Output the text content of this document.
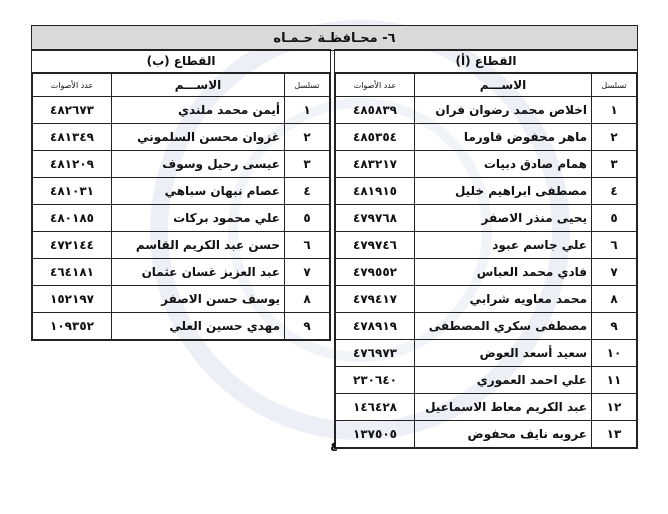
٦- محـافظـة حـمـاه
القطاع (أ)
تسلسل	الاســـم	عدد الأصوات
١	اخلاص محمد رضوان فران	٤٨٥٨٣٩
٢	ماهر محفوض قاورما	٤٨٥٣٥٤
٣	همام صادق دبيات	٤٨٣٢١٧
٤	مصطفى ابراهيم خليل	٤٨١٩١٥
٥	يحيى منذر الاصفر	٤٧٩٧٦٨
٦	علي جاسم عبود	٤٧٩٧٤٦
٧	فادي محمد العباس	٤٧٩٥٥٢
٨	محمد معاويه شرابي	٤٧٩٤١٧
٩	مصطفى سكري المصطفى	٤٧٨٩١٩
١٠	سعيد أسعد العوض	٤٧٦٩٧٣
١١	علي احمد العموري	٢٣٠٦٤٠
١٢	عبد الكريم معاط الاسماعيل	١٤٦٤٢٨
١٣	عروبه نايف محفوض	١٣٧٥٠٥
القطاع (ب)
تسلسل	الاســـم	عدد الأصوات
١	أيمن محمد ملندي	٤٨٢٦٧٣
٢	غزوان محسن السلموني	٤٨١٣٤٩
٣	عيسى رحيل وسوف	٤٨١٢٠٩
٤	عصام نبهان سباهي	٤٨١٠٣١
٥	علي محمود بركات	٤٨٠١٨٥
٦	حسن عبد الكريم القاسم	٤٧٢١٤٤
٧	عبد العزيز غسان عثمان	٤٦٤١٨١
٨	يوسف حسن الاصفر	١٥٢١٩٧
٩	مهدي حسين العلي	١٠٩٣٥٢
٤
